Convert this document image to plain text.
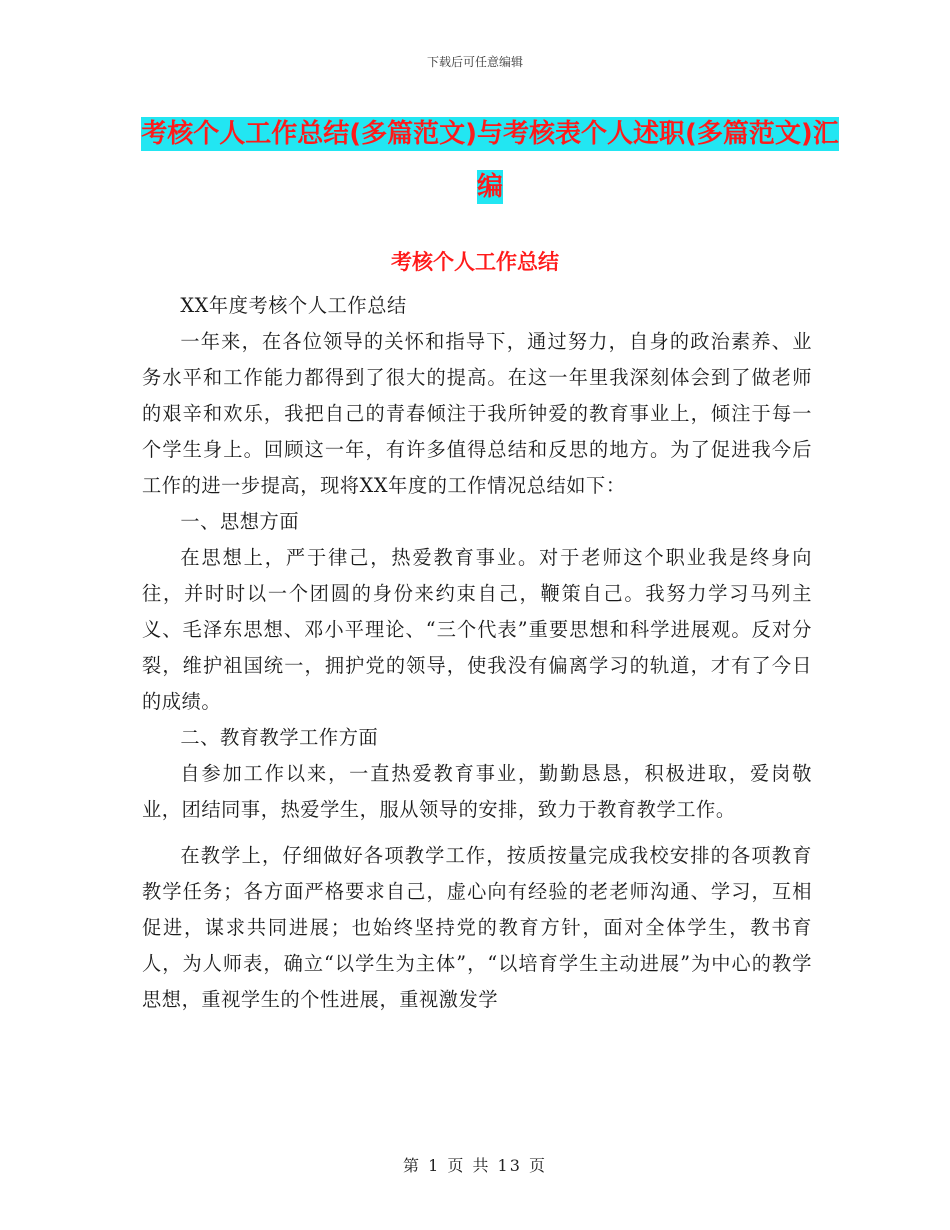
下载后可任意编辑
考核个人工作总结(多篇范文)与考核表个人述职(多篇范文)汇编
考核个人工作总结

XX年度考核个人工作总结

一年来，在各位领导的关怀和指导下，通过努力，自身的政治素养、业务水平和工作能力都得到了很大的提高。在这一年里我深刻体会到了做老师的艰辛和欢乐，我把自己的青春倾注于我所钟爱的教育事业上，倾注于每一个学生身上。回顾这一年，有许多值得总结和反思的地方。为了促进我今后工作的进一步提高，现将XX年度的工作情况总结如下：

一、思想方面

在思想上，严于律己，热爱教育事业。对于老师这个职业我是终身向往，并时时以一个团圆的身份来约束自己，鞭策自己。我努力学习马列主义、毛泽东思想、邓小平理论、“三个代表”重要思想和科学进展观。反对分裂，维护祖国统一，拥护党的领导，使我没有偏离学习的轨道，才有了今日的成绩。

二、教育教学工作方面

自参加工作以来，一直热爱教育事业，勤勤恳恳，积极进取，爱岗敬业，团结同事，热爱学生，服从领导的安排，致力于教育教学工作。

在教学上，仔细做好各项教学工作，按质按量完成我校安排的各项教育教学任务；各方面严格要求自己，虚心向有经验的老老师沟通、学习，互相促进，谋求共同进展；也始终坚持党的教育方针，面对全体学生，教书育人，为人师表，确立“以学生为主体”，“以培育学生主动进展”为中心的教学思想，重视学生的个性进展，重视激发学

第 1 页 共 13 页
